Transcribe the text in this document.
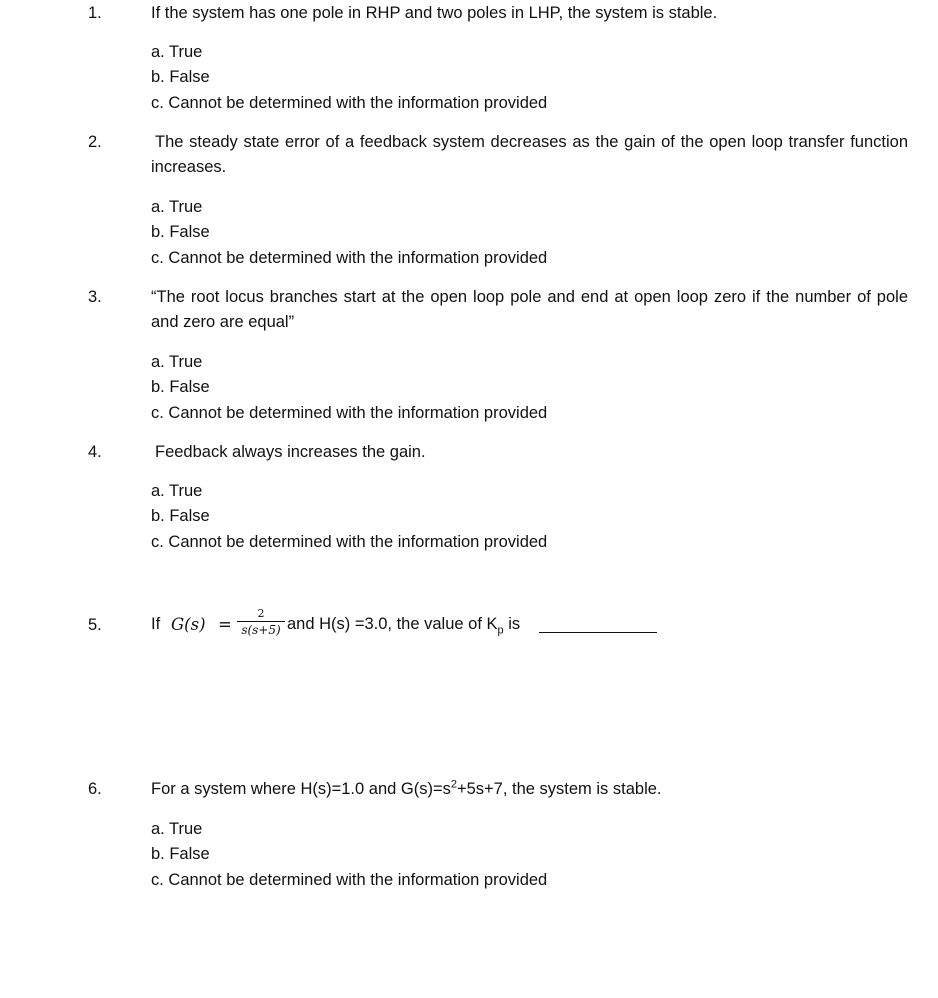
1.	If the system has one pole in RHP and two poles in LHP, the system is stable.
a. True
b. False
c. Cannot be determined with the information provided
2.	The steady state error of a feedback system decreases as the gain of the open loop transfer function increases.
a. True
b. False
c. Cannot be determined with the information provided
3.	“The root locus branches start at the open loop pole and end at open loop zero if the number of pole and zero are equal”
a. True
b. False
c. Cannot be determined with the information provided
4.	Feedback always increases the gain.
a. True
b. False
c. Cannot be determined with the information provided
5.	If G(s) =
2
s(s+5) and H(s) =3.0, the value of $K_p$ is
6.	For a system where H(s)=1.0 and $G(s)=s^2+5s+7$, the system is stable.
a. True
b. False
c. Cannot be determined with the information provided
